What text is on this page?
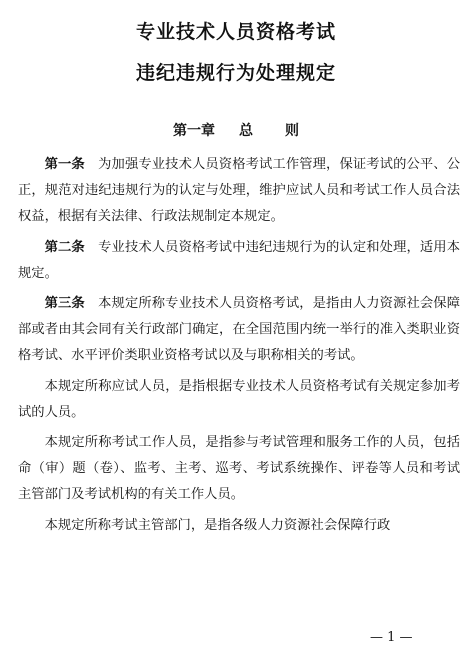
专业技术人员资格考试
违纪违规行为处理规定
第一章 总 则

第一条 为加强专业技术人员资格考试工作管理，保证考试的公平、公正，规范对违纪违规行为的认定与处理，维护应试人员和考试工作人员合法权益，根据有关法律、行政法规制定本规定。

第二条 专业技术人员资格考试中违纪违规行为的认定和处理，适用本规定。

第三条 本规定所称专业技术人员资格考试，是指由人力资源社会保障部或者由其会同有关行政部门确定，在全国范围内统一举行的准入类职业资格考试、水平评价类职业资格考试以及与职称相关的考试。

本规定所称应试人员，是指根据专业技术人员资格考试有关规定参加考试的人员。

本规定所称考试工作人员，是指参与考试管理和服务工作的人员，包括命（审）题（卷）、监考、主考、巡考、考试系统操作、评卷等人员和考试主管部门及考试机构的有关工作人员。

本规定所称考试主管部门，是指各级人力资源社会保障行政

— 1 —
